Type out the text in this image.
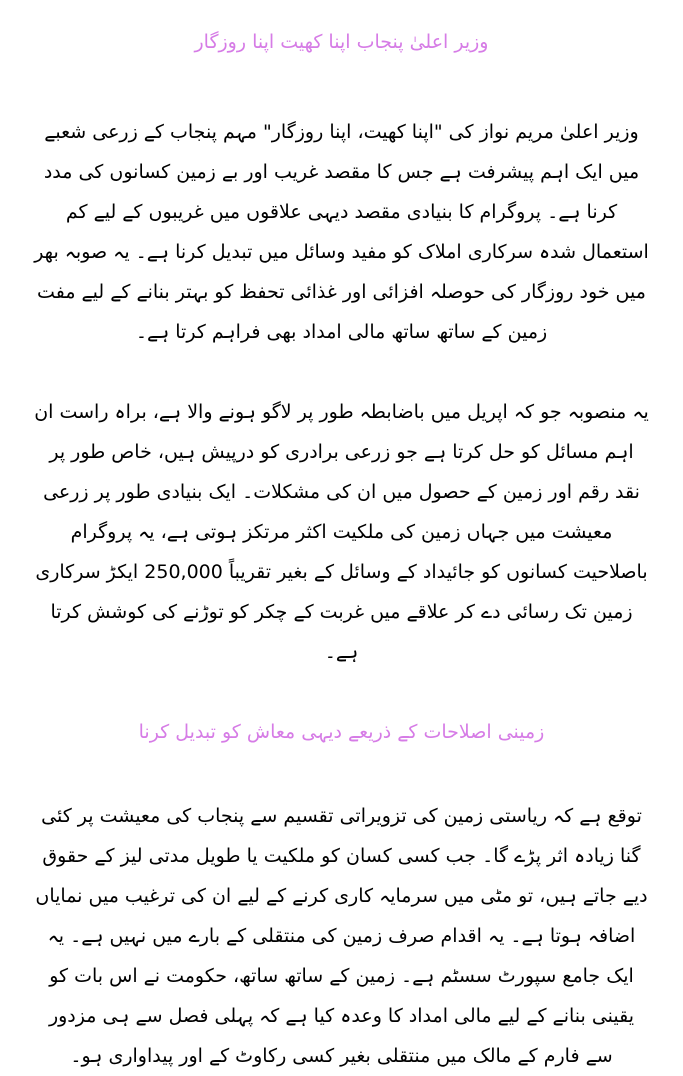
وزیر اعلیٰ پنجاب اپنا کھیت اپنا روزگار

وزیر اعلیٰ مریم نواز کی "اپنا کھیت، اپنا روزگار" مہم پنجاب کے زرعی شعبے میں ایک اہم پیشرفت ہے جس کا مقصد غریب اور بے زمین کسانوں کی مدد کرنا ہے۔ پروگرام کا بنیادی مقصد دیہی علاقوں میں غریبوں کے لیے کم استعمال شدہ سرکاری املاک کو مفید وسائل میں تبدیل کرنا ہے۔ یہ صوبہ بھر میں خود روزگار کی حوصلہ افزائی اور غذائی تحفظ کو بہتر بنانے کے لیے مفت زمین کے ساتھ ساتھ مالی امداد بھی فراہم کرتا ہے۔

یہ منصوبہ جو کہ اپریل میں باضابطہ طور پر لاگو ہونے والا ہے، براہ راست ان اہم مسائل کو حل کرتا ہے جو زرعی برادری کو درپیش ہیں، خاص طور پر نقد رقم اور زمین کے حصول میں ان کی مشکلات۔ ایک بنیادی طور پر زرعی معیشت میں جہاں زمین کی ملکیت اکثر مرتکز ہوتی ہے، یہ پروگرام باصلاحیت کسانوں کو جائیداد کے وسائل کے بغیر تقریباً 250,000 ایکڑ سرکاری زمین تک رسائی دے کر علاقے میں غربت کے چکر کو توڑنے کی کوشش کرتا ہے۔

زمینی اصلاحات کے ذریعے دیہی معاش کو تبدیل کرنا

توقع ہے کہ ریاستی زمین کی تزویراتی تقسیم سے پنجاب کی معیشت پر کئی گنا زیادہ اثر پڑے گا۔ جب کسی کسان کو ملکیت یا طویل مدتی لیز کے حقوق دیے جاتے ہیں، تو مٹی میں سرمایہ کاری کرنے کے لیے ان کی ترغیب میں نمایاں اضافہ ہوتا ہے۔ یہ اقدام صرف زمین کی منتقلی کے بارے میں نہیں ہے۔ یہ ایک جامع سپورٹ سسٹم ہے۔ زمین کے ساتھ ساتھ، حکومت نے اس بات کو یقینی بنانے کے لیے مالی امداد کا وعدہ کیا ہے کہ پہلی فصل سے ہی مزدور سے فارم کے مالک میں منتقلی بغیر کسی رکاوٹ کے اور پیداواری ہو۔
